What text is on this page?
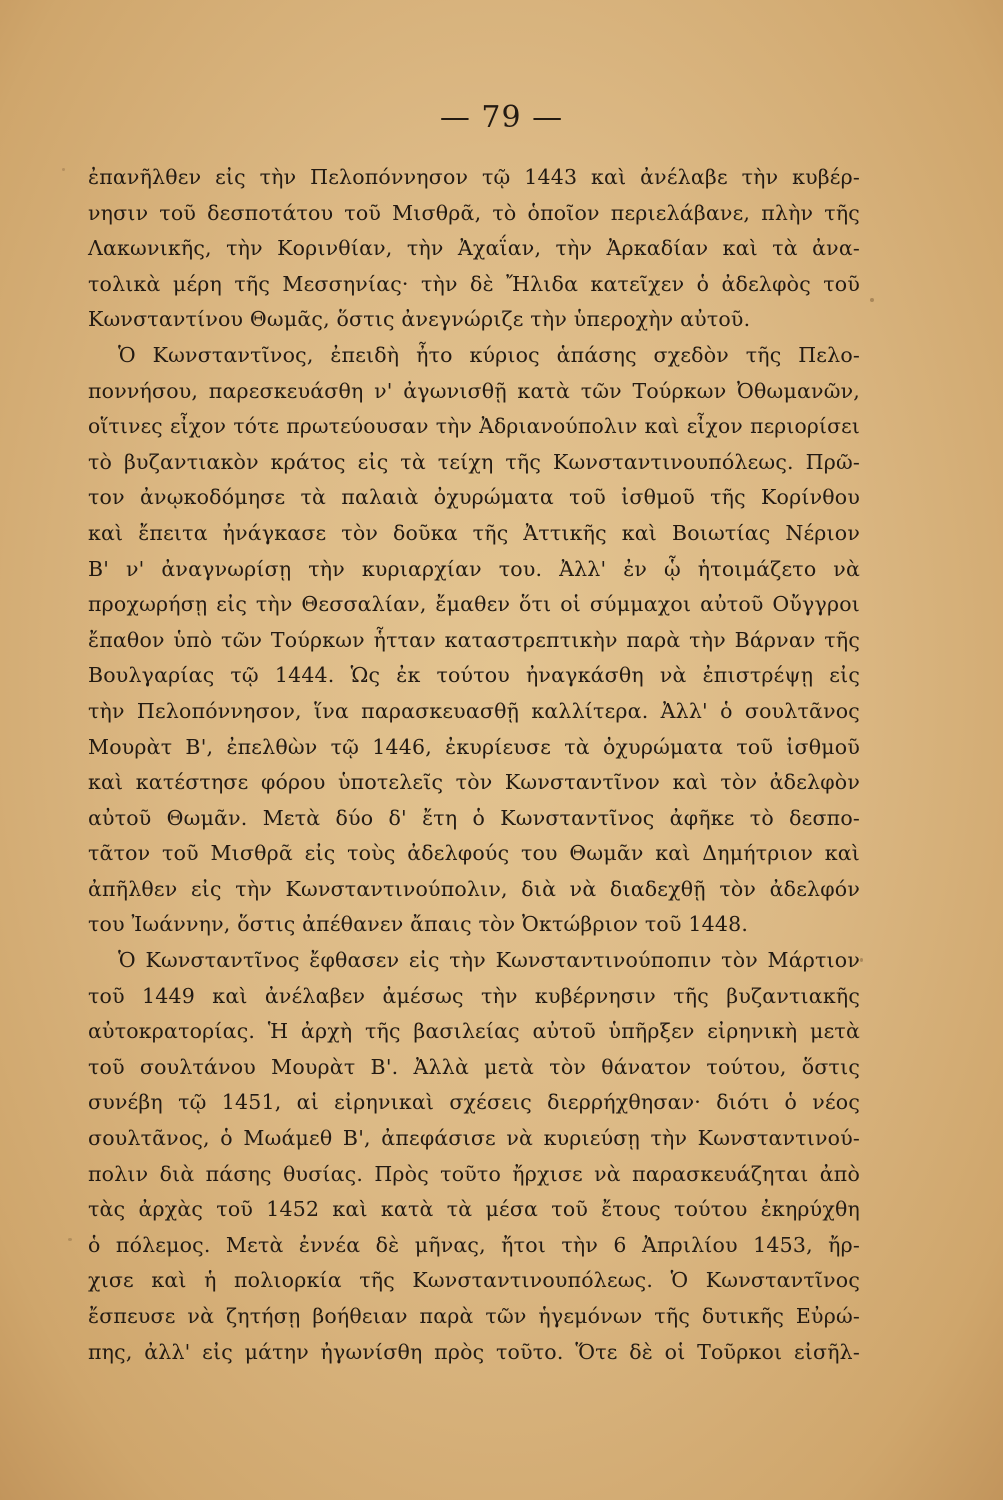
— 79 —
ἐπανῆλθεν εἰς τὴν Πελοπόννησον τῷ 1443 καὶ ἀνέλαβε τὴν κυβέρ-
νησιν τοῦ δεσποτάτου τοῦ Μισθρᾶ, τὸ ὁποῖον περιελάβανε, πλὴν τῆς
Λακωνικῆς, τὴν Κορινθίαν, τὴν Ἀχαΐαν, τὴν Ἀρκαδίαν καὶ τὰ ἀνα-
τολικὰ μέρη τῆς Μεσσηνίας· τὴν δὲ Ἤλιδα κατεῖχεν ὁ ἀδελφὸς τοῦ
Κωνσταντίνου Θωμᾶς, ὅστις ἀνεγνώριζε τὴν ὑπεροχὴν αὐτοῦ.
Ὁ Κωνσταντῖνος, ἐπειδὴ ἦτο κύριος ἁπάσης σχεδὸν τῆς Πελο-
ποννήσου, παρεσκευάσθη ν' ἀγωνισθῇ κατὰ τῶν Τούρκων Ὀθωμανῶν,
οἵτινες εἶχον τότε πρωτεύουσαν τὴν Ἀδριανούπολιν καὶ εἶχον περιορίσει
τὸ βυζαντιακὸν κράτος εἰς τὰ τείχη τῆς Κωνσταντινουπόλεως. Πρῶ-
τον ἀνῳκοδόμησε τὰ παλαιὰ ὀχυρώματα τοῦ ἰσθμοῦ τῆς Κορίνθου
καὶ ἔπειτα ἠνάγκασε τὸν δοῦκα τῆς Ἀττικῆς καὶ Βοιωτίας Νέριον
Β' ν' ἀναγνωρίσῃ τὴν κυριαρχίαν του. Ἀλλ' ἐν ᾧ ἡτοιμάζετο νὰ
προχωρήσῃ εἰς τὴν Θεσσαλίαν, ἔμαθεν ὅτι οἱ σύμμαχοι αὐτοῦ Οὔγγροι
ἔπαθον ὑπὸ τῶν Τούρκων ἧτταν καταστρεπτικὴν παρὰ τὴν Βάρναν τῆς
Βουλγαρίας τῷ 1444. Ὡς ἐκ τούτου ἠναγκάσθη νὰ ἐπιστρέψῃ εἰς
τὴν Πελοπόννησον, ἵνα παρασκευασθῇ καλλίτερα. Ἀλλ' ὁ σουλτᾶνος
Μουρὰτ Β', ἐπελθὼν τῷ 1446, ἐκυρίευσε τὰ ὀχυρώματα τοῦ ἰσθμοῦ
καὶ κατέστησε φόρου ὑποτελεῖς τὸν Κωνσταντῖνον καὶ τὸν ἀδελφὸν
αὐτοῦ Θωμᾶν. Μετὰ δύο δ' ἔτη ὁ Κωνσταντῖνος ἀφῆκε τὸ δεσπο-
τᾶτον τοῦ Μισθρᾶ εἰς τοὺς ἀδελφούς του Θωμᾶν καὶ Δημήτριον καὶ
ἀπῆλθεν εἰς τὴν Κωνσταντινούπολιν, διὰ νὰ διαδεχθῇ τὸν ἀδελφόν
του Ἰωάννην, ὅστις ἀπέθανεν ἄπαις τὸν Ὀκτώβριον τοῦ 1448.
Ὁ Κωνσταντῖνος ἔφθασεν εἰς τὴν Κωνσταντινούποπιν τὸν Μάρτιον
τοῦ 1449 καὶ ἀνέλαβεν ἀμέσως τὴν κυβέρνησιν τῆς βυζαντιακῆς
αὐτοκρατορίας. Ἡ ἀρχὴ τῆς βασιλείας αὐτοῦ ὑπῆρξεν εἰρηνικὴ μετὰ
τοῦ σουλτάνου Μουρὰτ Β'. Ἀλλὰ μετὰ τὸν θάνατον τούτου, ὅστις
συνέβη τῷ 1451, αἱ εἰρηνικαὶ σχέσεις διερρήχθησαν· διότι ὁ νέος
σουλτᾶνος, ὁ Μωάμεθ Β', ἀπεφάσισε νὰ κυριεύσῃ τὴν Κωνσταντινού-
πολιν διὰ πάσης θυσίας. Πρὸς τοῦτο ἤρχισε νὰ παρασκευάζηται ἀπὸ
τὰς ἀρχὰς τοῦ 1452 καὶ κατὰ τὰ μέσα τοῦ ἔτους τούτου ἐκηρύχθη
ὁ πόλεμος. Μετὰ ἐννέα δὲ μῆνας, ἤτοι τὴν 6 Ἀπριλίου 1453, ἤρ-
χισε καὶ ἡ πολιορκία τῆς Κωνσταντινουπόλεως. Ὁ Κωνσταντῖνος
ἔσπευσε νὰ ζητήσῃ βοήθειαν παρὰ τῶν ἡγεμόνων τῆς δυτικῆς Εὐρώ-
πης, ἀλλ' εἰς μάτην ἠγωνίσθη πρὸς τοῦτο. Ὅτε δὲ οἱ Τοῦρκοι εἰσῆλ-
